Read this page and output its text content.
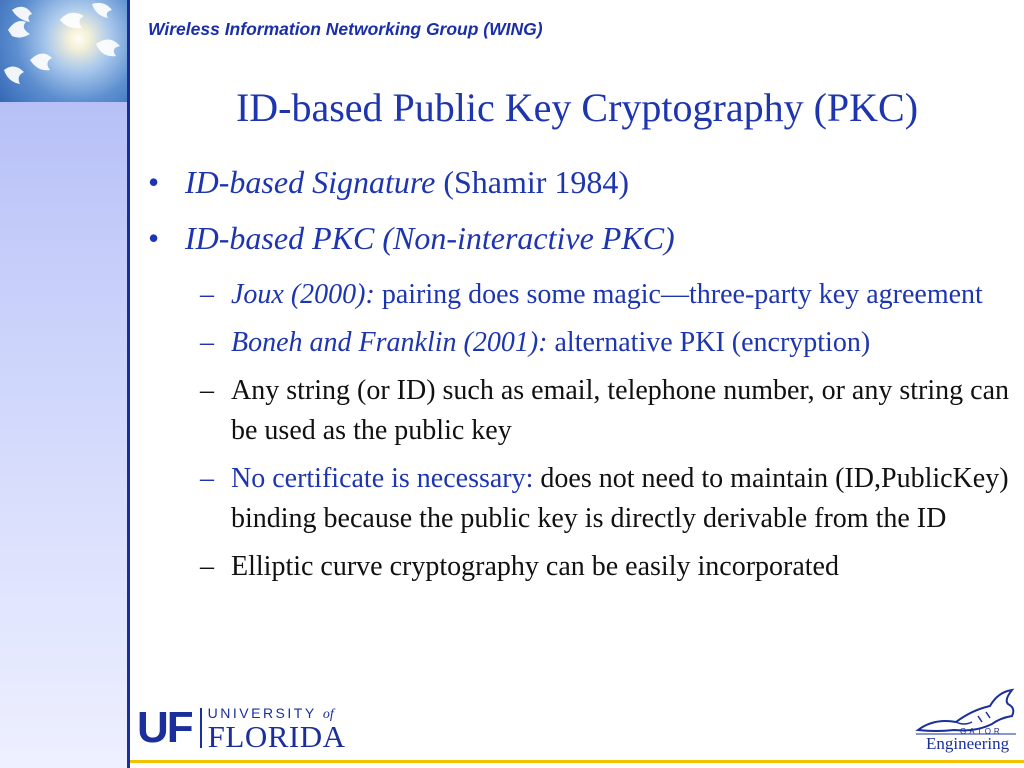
Wireless Information Networking Group (WING)
ID-based Public Key Cryptography (PKC)
• ID-based Signature (Shamir 1984)
• ID-based PKC (Non-interactive PKC)
– Joux (2000): pairing does some magic—three-party key agreement
– Boneh and Franklin (2001): alternative PKI (encryption)
– Any string (or ID) such as email, telephone number, or any string can be used as the public key
– No certificate is necessary: does not need to maintain (ID,PublicKey) binding because the public key is directly derivable from the ID
– Elliptic curve cryptography can be easily incorporated
UF UNIVERSITY of
FLORIDA	GATOR
Engineering
